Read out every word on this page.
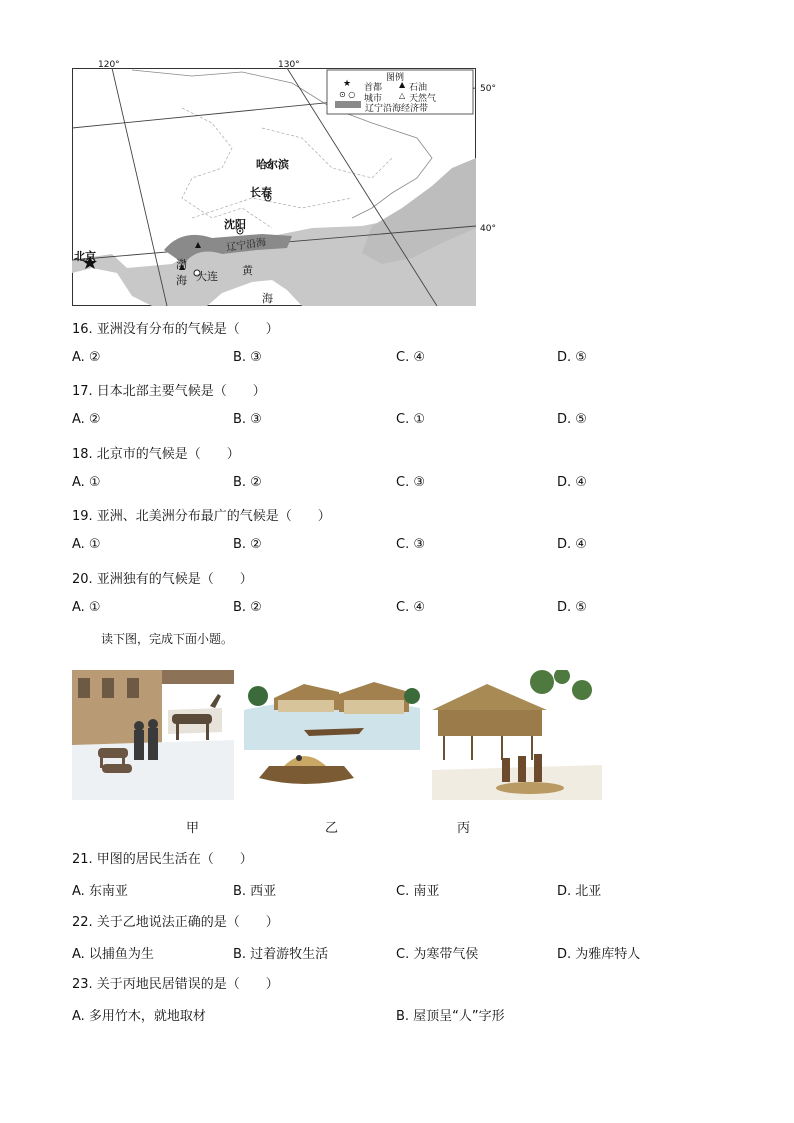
120°	130°
50°
40°
图例
★ 首都 ▲ 石油
⊙ ○ 城市 △ 天然气
辽宁沿海经济带
哈尔滨
长春
沈阳
北京
大连
渤
海
黄
海
辽宁沿海
16. 亚洲没有分布的气候是（　　）
A. ②	B. ③	C. ④	D. ⑤
17. 日本北部主要气候是（　　）
A. ②	B. ③	C. ①	D. ⑤
18. 北京市的气候是（　　）
A. ①	B. ②	C. ③	D. ④
19. 亚洲、北美洲分布最广的气候是（　　）
A. ①	B. ②	C. ③	D. ④
20. 亚洲独有的气候是（　　）
A. ①	B. ②	C. ④	D. ⑤
读下图，完成下面小题。
甲	乙	丙
21. 甲图的居民生活在（　　）
A. 东南亚	B. 西亚	C. 南亚	D. 北亚
22. 关于乙地说法正确的是（　　）
A. 以捕鱼为生	B. 过着游牧生活	C. 为寒带气侯	D. 为雅库特人
23. 关于丙地民居错误的是（　　）
A. 多用竹木，就地取材	B. 屋顶呈“人”字形
